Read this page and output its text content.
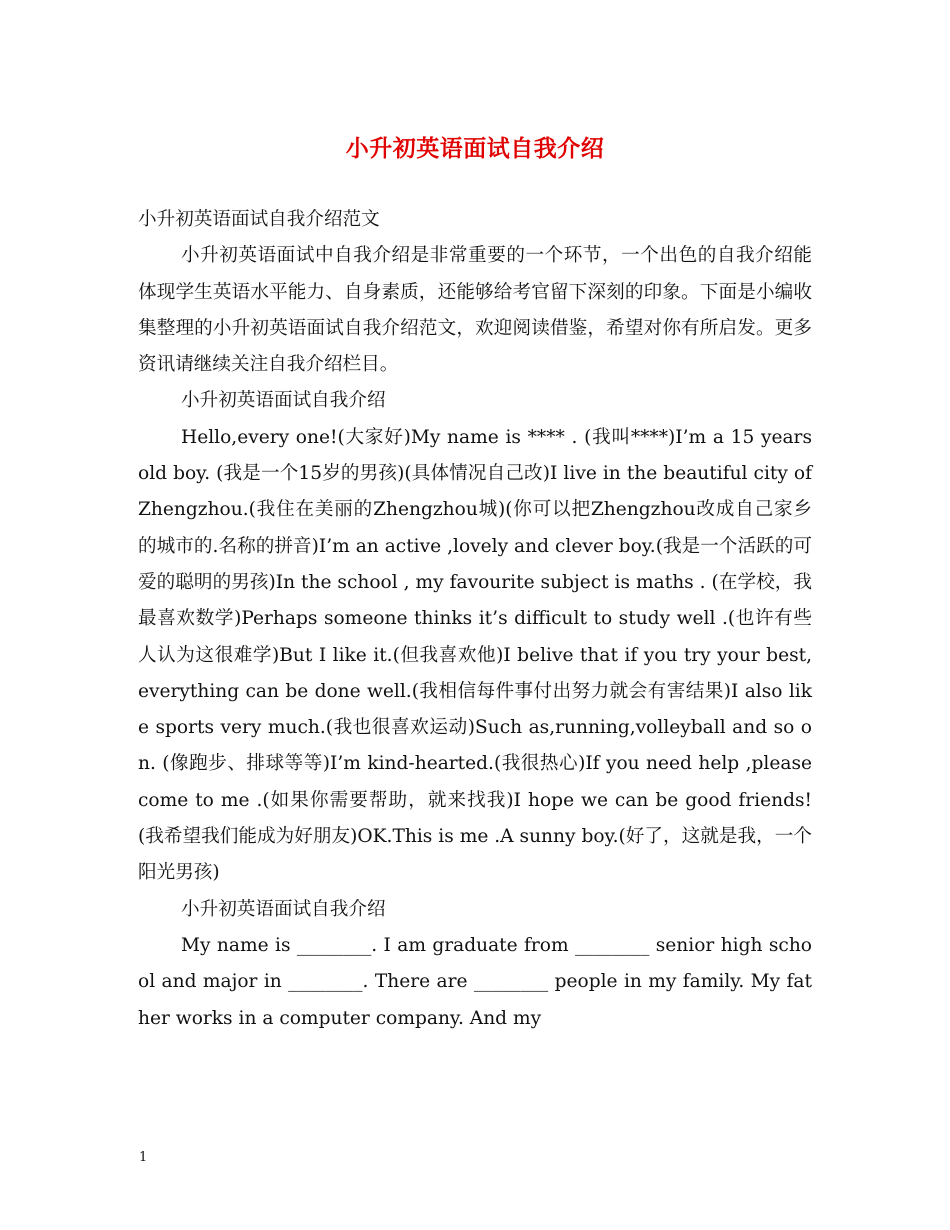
小升初英语面试自我介绍

小升初英语面试自我介绍范文

小升初英语面试中自我介绍是非常重要的一个环节，一个出色的自我介绍能体现学生英语水平能力、自身素质，还能够给考官留下深刻的印象。下面是小编收集整理的小升初英语面试自我介绍范文，欢迎阅读借鉴，希望对你有所启发。更多资讯请继续关注自我介绍栏目。

小升初英语面试自我介绍

Hello,every one!(大家好)My name is **** . (我叫****)I’m a 15 years old boy. (我是一个15岁的男孩)(具体情况自己改)I live in the beautiful city of Zhengzhou.(我住在美丽的Zhengzhou城)(你可以把Zhengzhou改成自己家乡的城市的.名称的拼音)I’m an active ,lovely and clever boy.(我是一个活跃的可爱的聪明的男孩)In the school , my favourite subject is maths . (在学校，我最喜欢数学)Perhaps someone thinks it’s difficult to study well .(也许有些人认为这很难学)But I like it.(但我喜欢他)I belive that if you try your best, everything can be done well.(我相信每件事付出努力就会有害结果)I also like sports very much.(我也很喜欢运动)Such as,running,volleyball and so on. (像跑步、排球等等)I’m kind-hearted.(我很热心)If you need help ,please come to me .(如果你需要帮助，就来找我)I hope we can be good friends!(我希望我们能成为好朋友)OK.This is me .A sunny boy.(好了，这就是我，一个阳光男孩)

小升初英语面试自我介绍

My name is ________. I am graduate from ________ senior high school and major in ________. There are ________ people in my family. My father works in a computer company. And my

1
